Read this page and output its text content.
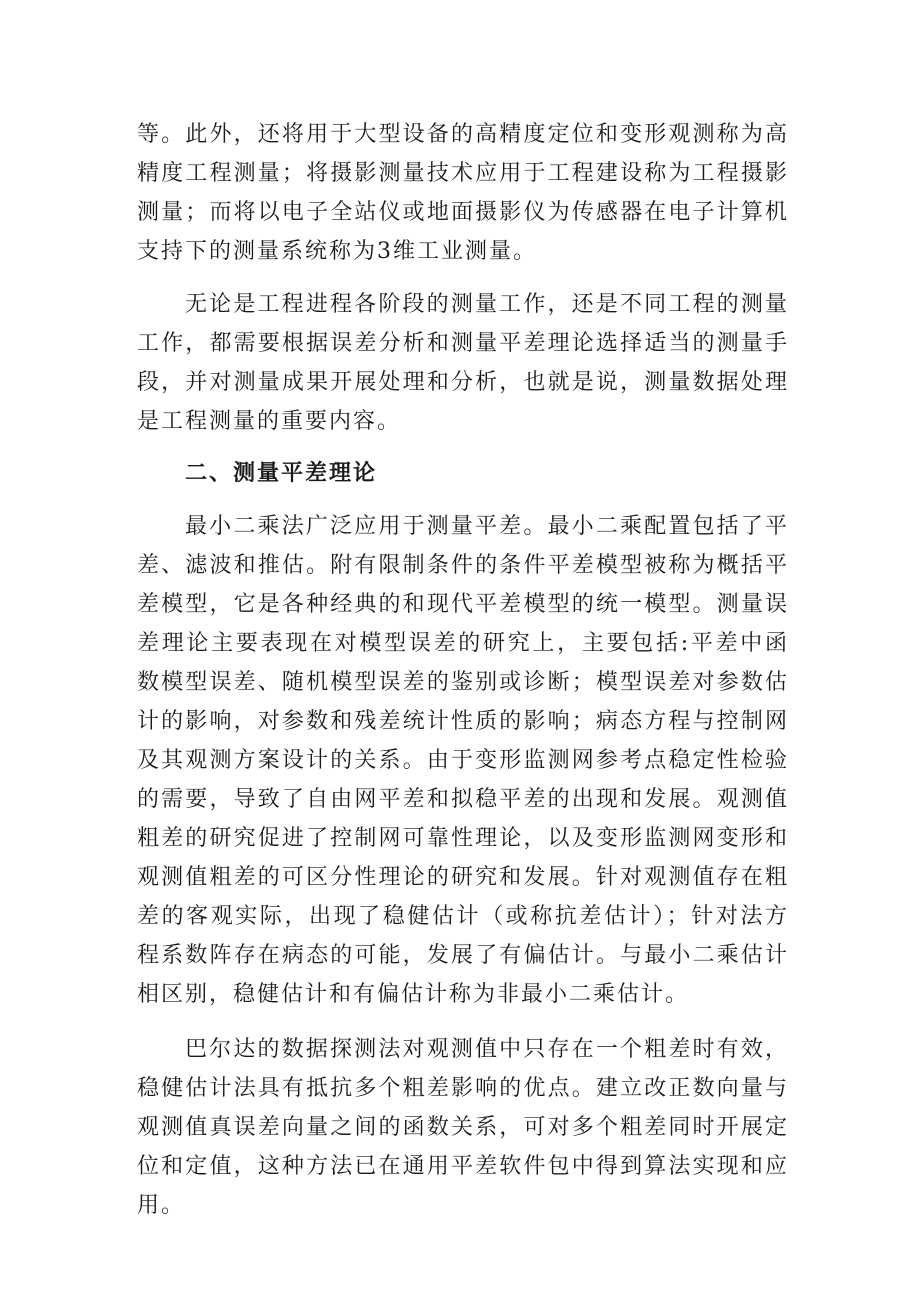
等。此外，还将用于大型设备的高精度定位和变形观测称为高精度工程测量；将摄影测量技术应用于工程建设称为工程摄影测量；而将以电子全站仪或地面摄影仪为传感器在电子计算机支持下的测量系统称为3维工业测量。

无论是工程进程各阶段的测量工作，还是不同工程的测量工作，都需要根据误差分析和测量平差理论选择适当的测量手段，并对测量成果开展处理和分析，也就是说，测量数据处理是工程测量的重要内容。

二、测量平差理论

最小二乘法广泛应用于测量平差。最小二乘配置包括了平差、滤波和推估。附有限制条件的条件平差模型被称为概括平差模型，它是各种经典的和现代平差模型的统一模型。测量误差理论主要表现在对模型误差的研究上，主要包括:平差中函数模型误差、随机模型误差的鉴别或诊断；模型误差对参数估计的影响，对参数和残差统计性质的影响；病态方程与控制网及其观测方案设计的关系。由于变形监测网参考点稳定性检验的需要，导致了自由网平差和拟稳平差的出现和发展。观测值粗差的研究促进了控制网可靠性理论，以及变形监测网变形和观测值粗差的可区分性理论的研究和发展。针对观测值存在粗差的客观实际，出现了稳健估计（或称抗差估计）；针对法方程系数阵存在病态的可能，发展了有偏估计。与最小二乘估计相区别，稳健估计和有偏估计称为非最小二乘估计。

巴尔达的数据探测法对观测值中只存在一个粗差时有效，稳健估计法具有抵抗多个粗差影响的优点。建立改正数向量与观测值真误差向量之间的函数关系，可对多个粗差同时开展定位和定值，这种方法已在通用平差软件包中得到算法实现和应用。
